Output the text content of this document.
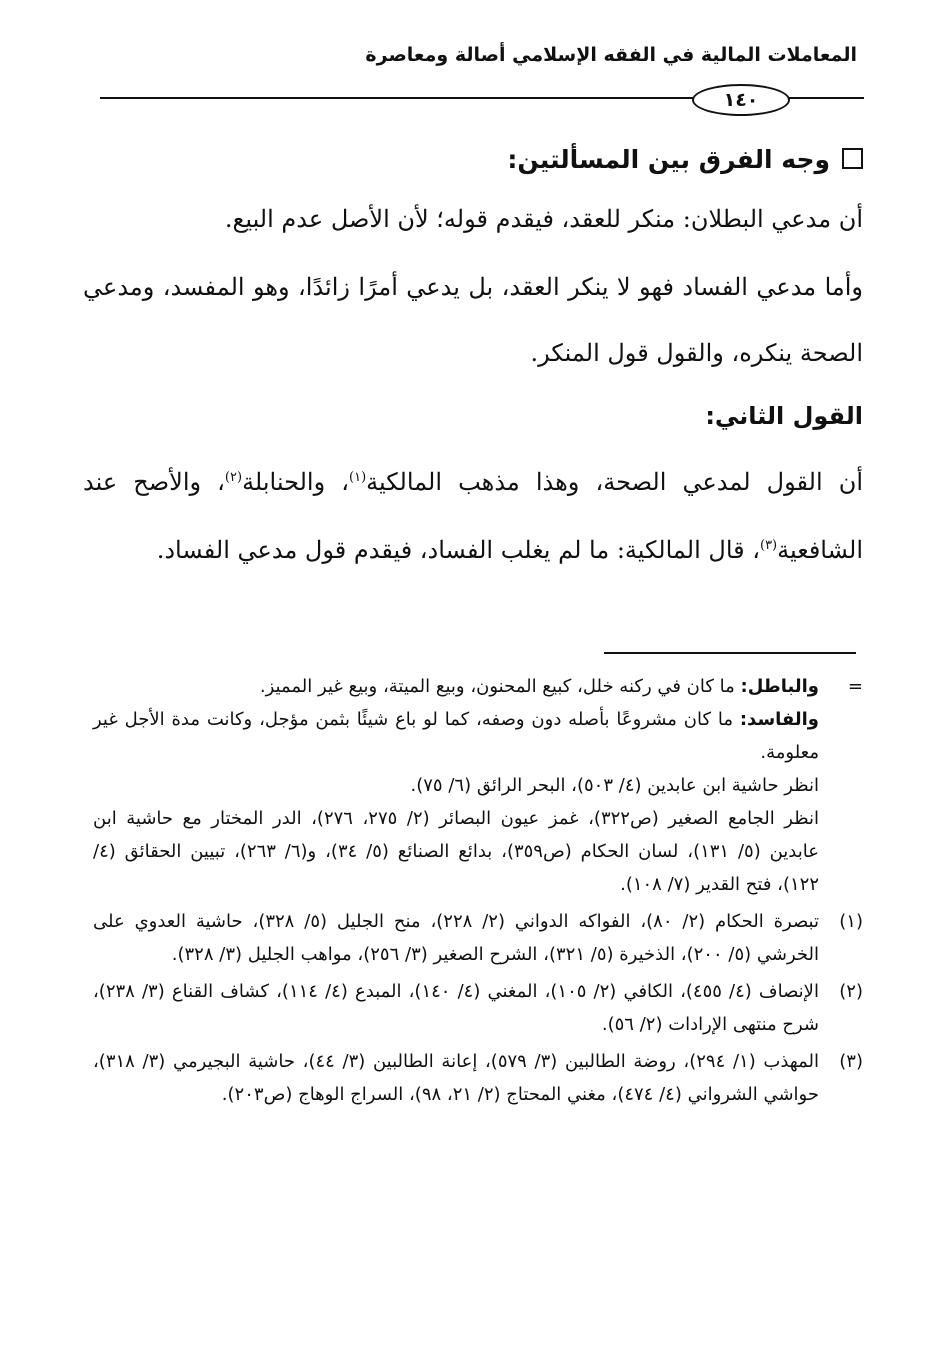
المعاملات المالية في الفقه الإسلامي أصالة ومعاصرة
١٤٠
وجه الفرق بين المسألتين:
أن مدعي البطلان: منكر للعقد، فيقدم قوله؛ لأن الأصل عدم البيع.
وأما مدعي الفساد فهو لا ينكر العقد، بل يدعي أمرًا زائدًا، وهو المفسد، ومدعي الصحة ينكره، والقول قول المنكر.
القول الثاني:
أن القول لمدعي الصحة، وهذا مذهب المالكية$^{(١)}$، والحنابلة$^{(٢)}$، والأصح عند الشافعية$^{(٣)}$، قال المالكية: ما لم يغلب الفساد، فيقدم قول مدعي الفساد.
=
والباطل: ما كان في ركنه خلل، كبيع المحنون، وبيع الميتة، وبيع غير المميز.
والفاسد: ما كان مشروعًا بأصله دون وصفه، كما لو باع شيئًا بثمن مؤجل، وكانت مدة الأجل غير معلومة.
انظر حاشية ابن عابدين (٤/ ٥٠٣)، البحر الرائق (٦/ ٧٥).
انظر الجامع الصغير (ص٣٢٢)، غمز عيون البصائر (٢/ ٢٧٥، ٢٧٦)، الدر المختار مع حاشية ابن عابدين (٥/ ١٣١)، لسان الحكام (ص٣٥٩)، بدائع الصنائع (٥/ ٣٤)، و(٦/ ٢٦٣)، تبيين الحقائق (٤/ ١٢٢)، فتح القدير (٧/ ١٠٨).
(١)
تبصرة الحكام (٢/ ٨٠)، الفواكه الدواني (٢/ ٢٢٨)، منح الجليل (٥/ ٣٢٨)، حاشية العدوي على الخرشي (٥/ ٢٠٠)، الذخيرة (٥/ ٣٢١)، الشرح الصغير (٣/ ٢٥٦)، مواهب الجليل (٣/ ٣٢٨).
(٢)
الإنصاف (٤/ ٤٥٥)، الكافي (٢/ ١٠٥)، المغني (٤/ ١٤٠)، المبدع (٤/ ١١٤)، كشاف القناع (٣/ ٢٣٨)، شرح منتهى الإرادات (٢/ ٥٦).
(٣)
المهذب (١/ ٢٩٤)، روضة الطالبين (٣/ ٥٧٩)، إعانة الطالبين (٣/ ٤٤)، حاشية البجيرمي (٣/ ٣١٨)، حواشي الشرواني (٤/ ٤٧٤)، مغني المحتاج (٢/ ٢١، ٩٨)، السراج الوهاج (ص٢٠٣).
